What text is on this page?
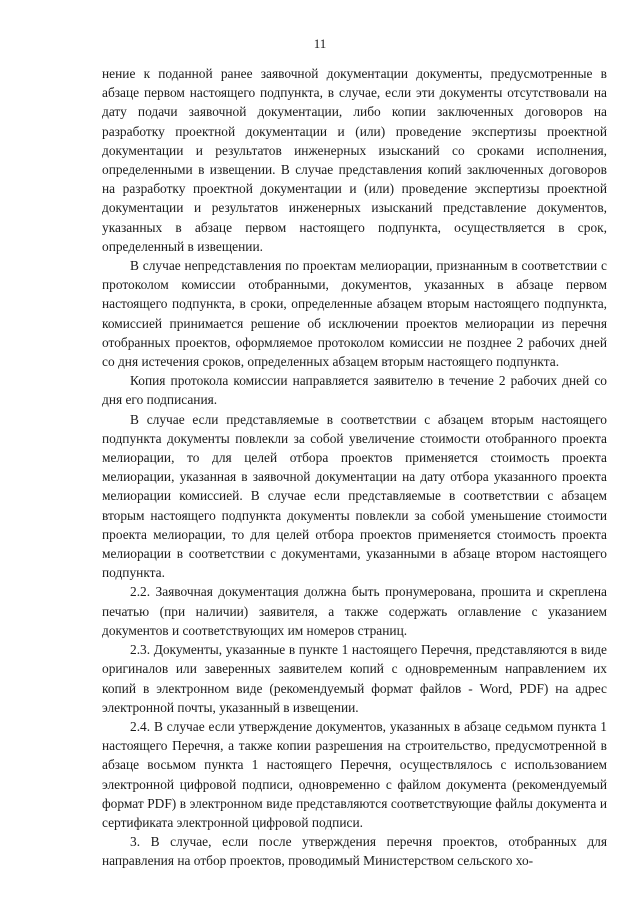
11

нение к поданной ранее заявочной документации документы, предусмотренные в абзаце первом настоящего подпункта, в случае, если эти документы отсутствовали на дату подачи заявочной документации, либо копии заключенных договоров на разработку проектной документации и (или) проведение экспертизы проектной документации и результатов инженерных изысканий со сроками исполнения, определенными в извещении. В случае представления копий заключенных договоров на разработку проектной документации и (или) проведение экспертизы проектной документации и результатов инженерных изысканий представление документов, указанных в абзаце первом настоящего подпункта, осуществляется в срок, определенный в извещении.

В случае непредставления по проектам мелиорации, признанным в соответствии с протоколом комиссии отобранными, документов, указанных в абзаце первом настоящего подпункта, в сроки, определенные абзацем вторым настоящего подпункта, комиссией принимается решение об исключении проектов мелиорации из перечня отобранных проектов, оформляемое протоколом комиссии не позднее 2 рабочих дней со дня истечения сроков, определенных абзацем вторым настоящего подпункта.

Копия протокола комиссии направляется заявителю в течение 2 рабочих дней со дня его подписания.

В случае если представляемые в соответствии с абзацем вторым настоящего подпункта документы повлекли за собой увеличение стоимости отобранного проекта мелиорации, то для целей отбора проектов применяется стоимость проекта мелиорации, указанная в заявочной документации на дату отбора указанного проекта мелиорации комиссией. В случае если представляемые в соответствии с абзацем вторым настоящего подпункта документы повлекли за собой уменьшение стоимости проекта мелиорации, то для целей отбора проектов применяется стоимость проекта мелиорации в соответствии с документами, указанными в абзаце втором настоящего подпункта.

2.2. Заявочная документация должна быть пронумерована, прошита и скреплена печатью (при наличии) заявителя, а также содержать оглавление с указанием документов и соответствующих им номеров страниц.

2.3. Документы, указанные в пункте 1 настоящего Перечня, представляются в виде оригиналов или заверенных заявителем копий с одновременным направлением их копий в электронном виде (рекомендуемый формат файлов - Word, PDF) на адрес электронной почты, указанный в извещении.

2.4. В случае если утверждение документов, указанных в абзаце седьмом пункта 1 настоящего Перечня, а также копии разрешения на строительство, предусмотренной в абзаце восьмом пункта 1 настоящего Перечня, осуществлялось с использованием электронной цифровой подписи, одновременно с файлом документа (рекомендуемый формат PDF) в электронном виде представляются соответствующие файлы документа и сертификата электронной цифровой подписи.

3. В случае, если после утверждения перечня проектов, отобранных для направления на отбор проектов, проводимый Министерством сельского хо-
